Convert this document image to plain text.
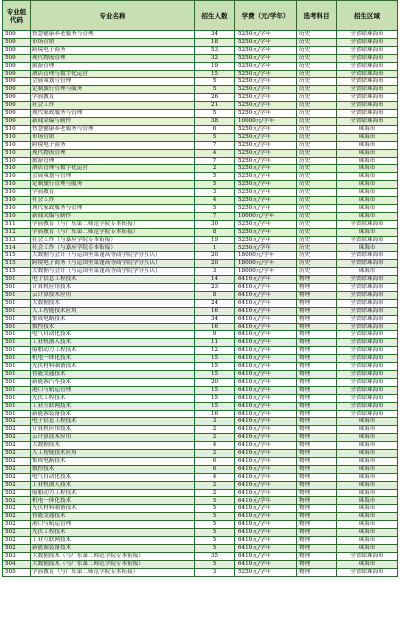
专业组
代码	专业名称	招生人数	学费（元/学年）	选考科目	招生区域
509	智慧健康养老服务与管理	34	5250元/学年	历史	全省除珠海市
509	市场营销	18	5250元/学年	历史	全省除珠海市
509	跨境电子商务	53	5250元/学年	历史	全省除珠海市
509	现代物流管理	32	5250元/学年	历史	全省除珠海市
509	旅游管理	19	5250元/学年	历史	全省除珠海市
509	酒店管理与数字化运营	15	5250元/学年	历史	全省除珠海市
509	会展策划与管理	5	5250元/学年	历史	全省除珠海市
509	定制旅行管理与服务	5	5250元/学年	历史	全省除珠海市
509	学前教育	26	5250元/学年	历史	全省除珠海市
509	社会工作	21	5250元/学年	历史	全省除珠海市
509	现代家政服务与管理	5	5250元/学年	历史	全省除珠海市
509	新闻采编与制作	38	10000元/学年	历史	全省除珠海市
510	智慧健康养老服务与管理	6	5250元/学年	历史	珠海市
510	市场营销	5	5250元/学年	历史	珠海市
510	跨境电子商务	7	5250元/学年	历史	珠海市
510	现代物流管理	4	5250元/学年	历史	珠海市
510	旅游管理	7	5250元/学年	历史	珠海市
510	酒店管理与数字化运营	2	5250元/学年	历史	珠海市
510	会展策划与管理	5	5250元/学年	历史	珠海市
510	定制旅行管理与服务	5	5250元/学年	历史	珠海市
510	学前教育	3	5250元/学年	历史	珠海市
510	社会工作	4	5250元/学年	历史	珠海市
510	现代家政服务与管理	5	5250元/学年	历史	珠海市
510	新闻采编与制作	7	10000元/学年	历史	珠海市
511	学前教育（与广东第二师范学院专本衔接）	30	5250元/学年	历史	全省除珠海市
512	学前教育（与广东第二师范学院专本衔接）	8	5250元/学年	历史	珠海市
513	社会工作（与嘉应学院专本衔接）	19	5250元/学年	历史	全省除珠海市
514	社会工作（与嘉应学院专本衔接）	1	5250元/学年	历史	珠海市
515	大数据与会计（与运国至菜蓬高等商学院学分互认）	20	18000元/学年	历史	全省除珠海市
515	跨境电子商务（与运国至菜蓬高等商学院学分互认）	20	18000元/学年	历史	全省除珠海市
515	大数据与会计（与运国至菜蓬高等商学院学分互认）	3	18000元/学年	历史	珠海市
501	电子信息工程技术	14	6410元/学年	物理	全省除珠海市
501	计算机应用技术	23	6410元/学年	物理	全省除珠海市
501	云计算技术应用	8	6410元/学年	物理	全省除珠海市
501	大数据技术	24	6410元/学年	物理	全省除珠海市
501	人工智能技术应用	16	6410元/学年	物理	全省除珠海市
501	集成电路技术	34	6410元/学年	物理	全省除珠海市
501	数控技术	16	6410元/学年	物理	全省除珠海市
501	电气自动化技术	9	6410元/学年	物理	全省除珠海市
501	工业机器人技术	11	6410元/学年	物理	全省除珠海市
501	船舶动力工程技术	12	6410元/学年	物理	全省除珠海市
501	机电一体化技术	15	6410元/学年	物理	全省除珠海市
501	光伏材料制备技术	15	6410元/学年	物理	全省除珠海市
501	智能交通技术	15	6410元/学年	物理	全省除珠海市
501	新能源汽车技术	20	6410元/学年	物理	全省除珠海市
501	港口与航运管理	15	6410元/学年	物理	全省除珠海市
501	光伏工程技术	15	6410元/学年	物理	全省除珠海市
501	工业互联网技术	15	6410元/学年	物理	全省除珠海市
501	新能源装备技术	16	6410元/学年	物理	全省除珠海市
502	电子信息工程技术	3	6410元/学年	物理	珠海市
502	计算机应用技术	2	6410元/学年	物理	珠海市
502	云计算技术应用	2	6410元/学年	物理	珠海市
502	大数据技术	4	6410元/学年	物理	珠海市
502	人工智能技术应用	2	6410元/学年	物理	珠海市
502	集成电路技术	6	6410元/学年	物理	珠海市
502	数控技术	6	6410元/学年	物理	珠海市
502	电气自动化技术	4	6410元/学年	物理	珠海市
502	工业机器人技术	2	6410元/学年	物理	珠海市
502	船舶动力工程技术	2	6410元/学年	物理	珠海市
502	机电一体化技术	5	6410元/学年	物理	珠海市
502	光伏材料制备技术	5	6410元/学年	物理	珠海市
502	智能交通技术	5	6410元/学年	物理	珠海市
502	港口与航运管理	5	6410元/学年	物理	珠海市
502	光伏工程技术	5	6410元/学年	物理	珠海市
502	工业互联网技术	5	6410元/学年	物理	珠海市
502	新能源装备技术	5	6410元/学年	物理	珠海市
503	大数据技术（与广东第二师范学院专本衔接）	35	6410元/学年	物理	全省除珠海市
504	大数据技术（与广东第二师范学院专本衔接）	5	6410元/学年	物理	珠海市
505	学前教育（与广东第二师范学院专本衔接）	3	5250元/学年	物理	全省除珠海市
